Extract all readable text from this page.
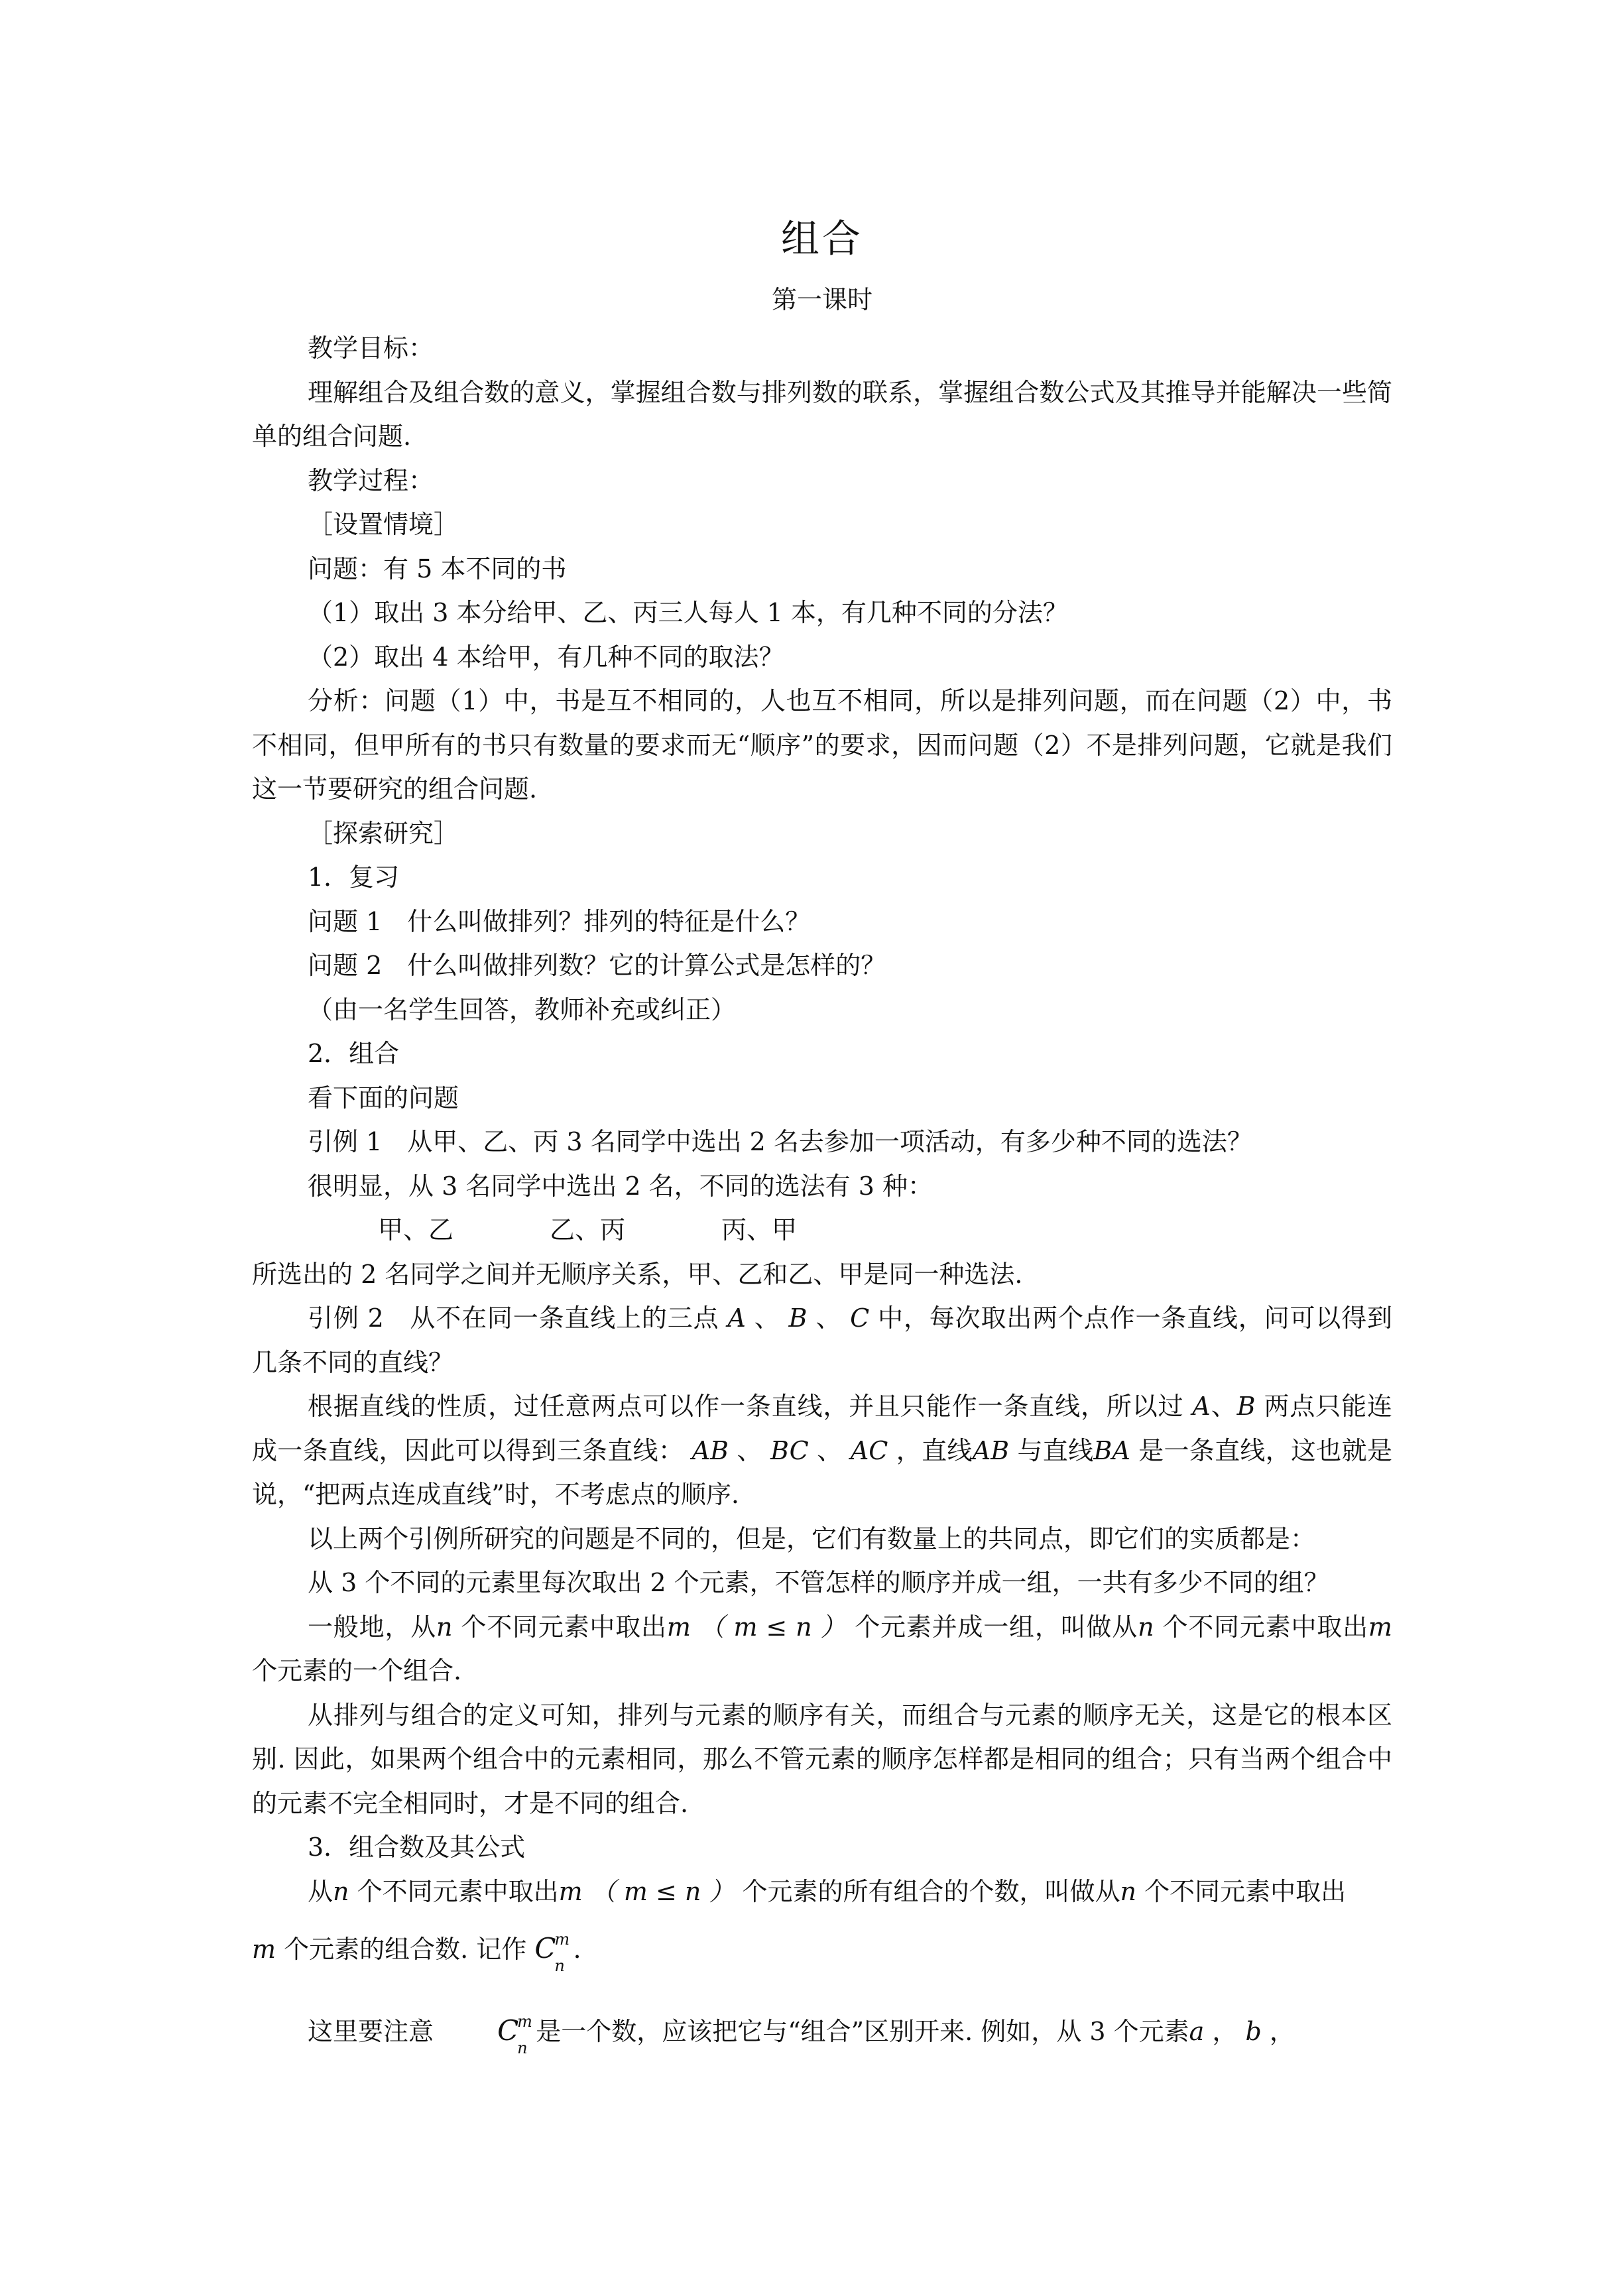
组合
第一课时

教学目标：

理解组合及组合数的意义，掌握组合数与排列数的联系，掌握组合数公式及其推导并能解决一些简单的组合问题.

教学过程：

［设置情境］

问题：有 5 本不同的书

（1）取出 3 本分给甲、乙、丙三人每人 1 本，有几种不同的分法？

（2）取出 4 本给甲，有几种不同的取法？

分析：问题（1）中，书是互不相同的，人也互不相同，所以是排列问题，而在问题（2）中，书不相同，但甲所有的书只有数量的要求而无“顺序”的要求，因而问题（2）不是排列问题，它就是我们这一节要研究的组合问题.

［探索研究］

1．复习

问题 1　什么叫做排列？排列的特征是什么？

问题 2　什么叫做排列数？它的计算公式是怎样的？

（由一名学生回答，教师补充或纠正）

2．组合

看下面的问题

引例 1　从甲、乙、丙 3 名同学中选出 2 名去参加一项活动，有多少种不同的选法？

很明显，从 3 名同学中选出 2 名，不同的选法有 3 种：

甲、乙	乙、丙	丙、甲

所选出的 2 名同学之间并无顺序关系，甲、乙和乙、甲是同一种选法.

引例 2　从不在同一条直线上的三点 A 、 B 、 C 中，每次取出两个点作一条直线，问可以得到几条不同的直线？

根据直线的性质，过任意两点可以作一条直线，并且只能作一条直线，所以过 A、B 两点只能连成一条直线，因此可以得到三条直线： AB 、 BC 、 AC ，直线AB 与直线BA 是一条直线，这也就是说，“把两点连成直线”时，不考虑点的顺序.

以上两个引例所研究的问题是不同的，但是，它们有数量上的共同点，即它们的实质都是：

从 3 个不同的元素里每次取出 2 个元素，不管怎样的顺序并成一组，一共有多少不同的组？

一般地，从n 个不同元素中取出m （ m ≤ n ） 个元素并成一组，叫做从n 个不同元素中取出m 个元素的一个组合.

从排列与组合的定义可知，排列与元素的顺序有关，而组合与元素的顺序无关，这是它的根本区别. 因此，如果两个组合中的元素相同，那么不管元素的顺序怎样都是相同的组合；只有当两个组合中的元素不完全相同时，才是不同的组合.

3．组合数及其公式

从n 个不同元素中取出m （ m ≤ n ） 个元素的所有组合的个数，叫做从n 个不同元素中取出

m 个元素的组合数. 记作 C
m
n
.

这里要注意 C
m
n
是一个数，应该把它与“组合”区别开来. 例如，从 3 个元素a ， b ，
